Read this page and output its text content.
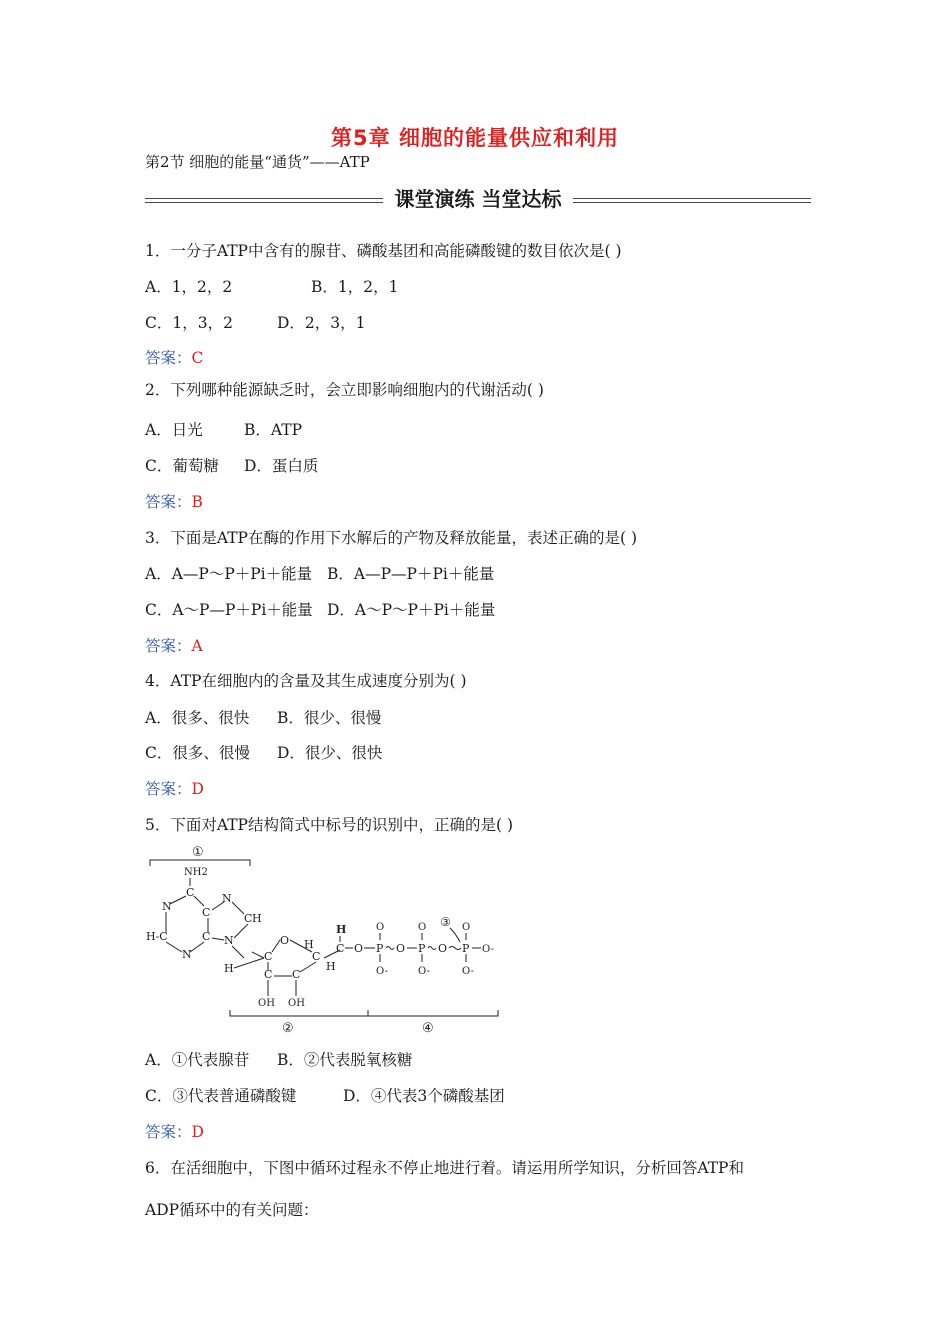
第5章 细胞的能量供应和利用
第2节 细胞的能量“通货”——ATP
课堂演练 当堂达标
1．一分子ATP中含有的腺苷、磷酸基团和高能磷酸键的数目依次是( )
A．1，2，2	B．1，2，1
C．1，3，2	D．2，3，1
答案：C
2．下列哪种能源缺乏时，会立即影响细胞内的代谢活动( )
A．日光	B．ATP
C．葡萄糖 D．蛋白质
答案：B
3．下面是ATP在酶的作用下水解后的产物及释放能量，表述正确的是( )
A．A—P～P＋Pi＋能量 B．A—P—P＋Pi＋能量
C．A～P—P＋Pi＋能量 D．A～P～P＋Pi＋能量
答案：A
4．ATP在细胞内的含量及其生成速度分别为( )
A．很多、很快 B．很少、很慢
C．很多、很慢 D．很少、很快
答案：D
5．下面对ATP结构简式中标号的识别中，正确的是( )
①
NH2
C
N
N
C H
H-C	C N
N
C
O
H
C	C
H
C C
H
OH OH
H
C O P
O
O-
O P
O
O-
O
③
P
O
O-
O-
②	④
A．①代表腺苷 B．②代表脱氧核糖
C．③代表普通磷酸键	D．④代表3个磷酸基团
答案：D
6．在活细胞中，下图中循环过程永不停止地进行着。请运用所学知识，分析回答ATP和
ADP循环中的有关问题：
